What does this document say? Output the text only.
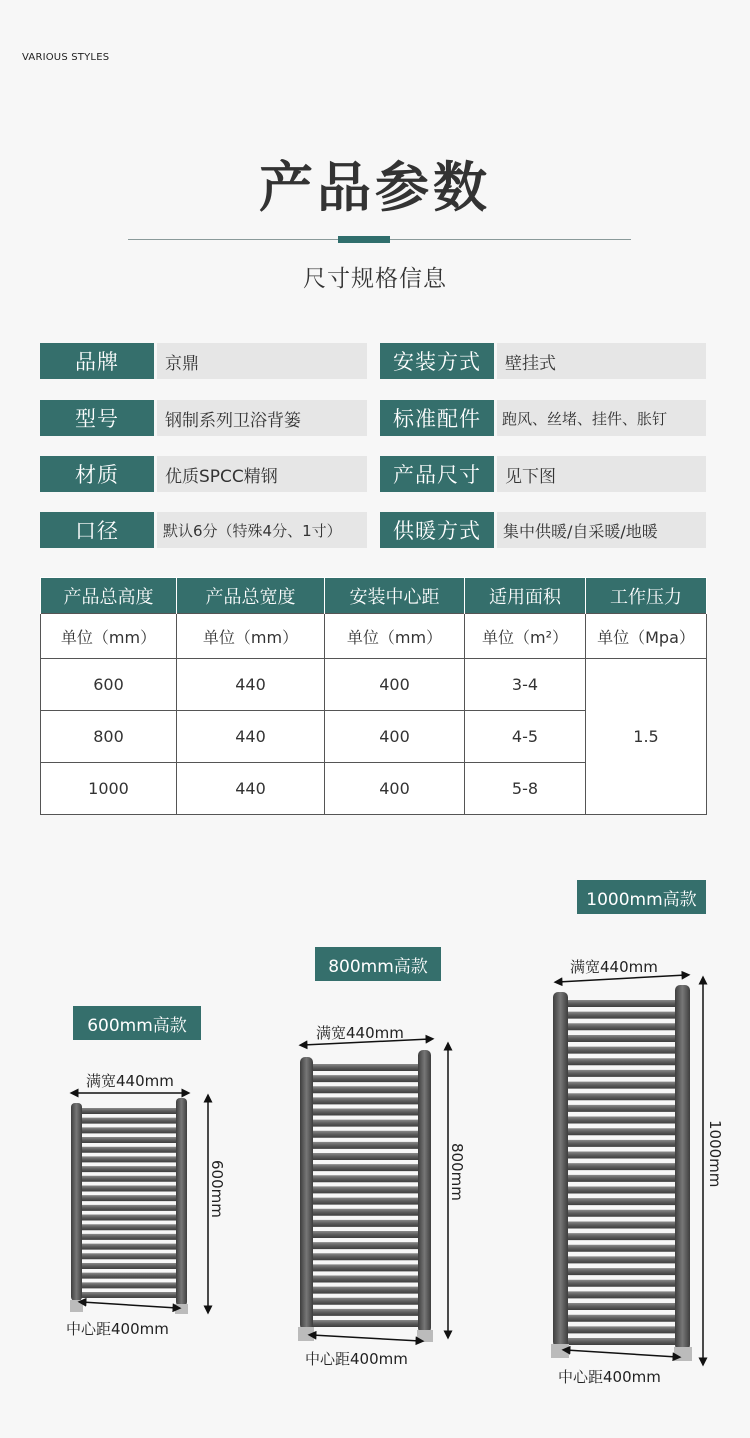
VARIOUS STYLES
产品参数
尺寸规格信息
品牌	京鼎
型号	钢制系列卫浴背篓
材质	优质SPCC精钢
口径	默认6分（特殊4分、1寸）
安装方式	壁挂式
标准配件	跑风、丝堵、挂件、胀钉
产品尺寸	见下图
供暖方式	集中供暖/自采暖/地暖
产品总高度	产品总宽度	安装中心距	适用面积	工作压力
单位（mm）	单位（mm）	单位（mm）	单位（m²）	单位（Mpa）
600	440	400	3-4	1.5
800	440	400	4-5	
1000	440	400	5-8	
600mm高款
800mm高款
1000mm高款
满宽440mm
600mm
中心距400mm
满宽440mm
800mm
中心距400mm
满宽440mm
1000mm
中心距400mm
